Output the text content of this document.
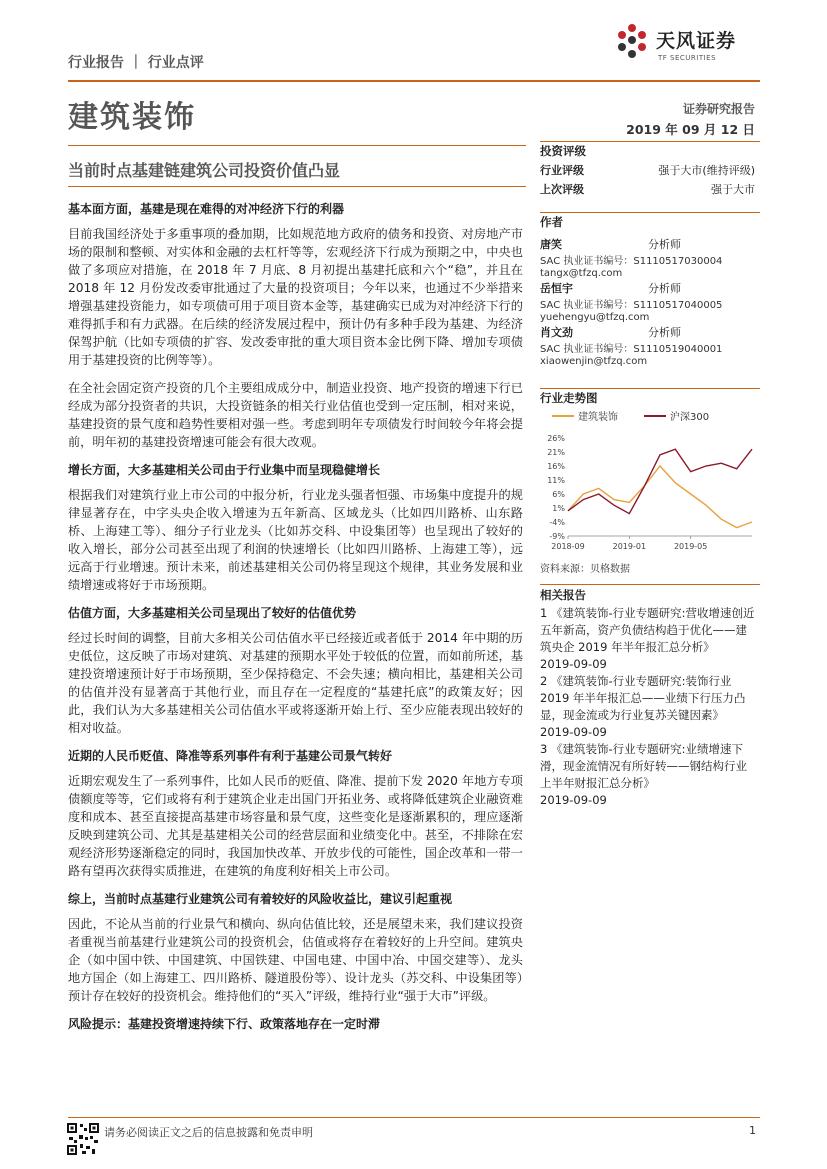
行业报告 ｜ 行业点评
天风证券
TF SECURITIES
建筑装饰	证券研究报告
2019 年 09 月 12 日
当前时点基建链建筑公司投资价值凸显
投资评级
行业评级	强于大市(维持评级)
上次评级	强于大市
作者
唐笑	分析师
SAC 执业证书编号：S1110517030004
tangx@tfzq.com
岳恒宇	分析师
SAC 执业证书编号：S1110517040005
yuehengyu@tfzq.com
肖文劲	分析师
SAC 执业证书编号：S1110519040001
xiaowenjin@tfzq.com
行业走势图
建筑装饰	沪深300
26%
21%
16%
11%
6%
1%
-4%
-9%
2018-09	2019-01	2019-05
资料来源：贝格数据
相关报告
1 《建筑装饰-行业专题研究:营收增速创近五年新高，资产负债结构趋于优化——建筑央企 2019 年半年报汇总分析》
2019-09-09
2 《建筑装饰-行业专题研究:装饰行业 2019 年半年报汇总——业绩下行压力凸显，现金流或为行业复苏关键因素》
2019-09-09
3 《建筑装饰-行业专题研究:业绩增速下滑，现金流情况有所好转——钢结构行业上半年财报汇总分析》
2019-09-09

基本面方面，基建是现在难得的对冲经济下行的利器

目前我国经济处于多重事项的叠加期，比如规范地方政府的债务和投资、对房地产市场的限制和整顿、对实体和金融的去杠杆等等，宏观经济下行成为预期之中，中央也做了多项应对措施，在 2018 年 7 月底、8 月初提出基建托底和六个“稳”，并且在 2018 年 12 月份发改委审批通过了大量的投资项目；今年以来，也通过不少举措来增强基建投资能力，如专项债可用于项目资本金等，基建确实已成为对冲经济下行的难得抓手和有力武器。在后续的经济发展过程中，预计仍有多种手段为基建、为经济保驾护航（比如专项债的扩容、发改委审批的重大项目资本金比例下降、增加专项债用于基建投资的比例等等）。

在全社会固定资产投资的几个主要组成成分中，制造业投资、地产投资的增速下行已经成为部分投资者的共识，大投资链条的相关行业估值也受到一定压制，相对来说，基建投资的景气度和趋势性要相对强一些。考虑到明年专项债发行时间较今年将会提前，明年初的基建投资增速可能会有很大改观。

增长方面，大多基建相关公司由于行业集中而呈现稳健增长

根据我们对建筑行业上市公司的中报分析，行业龙头强者恒强、市场集中度提升的规律显著存在，中字头央企收入增速为五年新高、区域龙头（比如四川路桥、山东路桥、上海建工等）、细分子行业龙头（比如苏交科、中设集团等）也呈现出了较好的收入增长，部分公司甚至出现了利润的快速增长（比如四川路桥、上海建工等），远远高于行业增速。预计未来，前述基建相关公司仍将呈现这个规律，其业务发展和业绩增速或将好于市场预期。

估值方面，大多基建相关公司呈现出了较好的估值优势

经过长时间的调整，目前大多相关公司估值水平已经接近或者低于 2014 年中期的历史低位，这反映了市场对建筑、对基建的预期水平处于较低的位置，而如前所述，基建投资增速预计好于市场预期，至少保持稳定、不会失速；横向相比，基建相关公司的估值并没有显著高于其他行业，而且存在一定程度的“基建托底”的政策友好；因此，我们认为大多基建相关公司估值水平或将逐渐开始上行、至少应能表现出较好的相对收益。

近期的人民币贬值、降准等系列事件有利于基建公司景气转好

近期宏观发生了一系列事件，比如人民币的贬值、降准、提前下发 2020 年地方专项债额度等等，它们或将有利于建筑企业走出国门开拓业务、或将降低建筑企业融资难度和成本、甚至直接提高基建市场容量和景气度，这些变化是逐渐累积的，理应逐渐反映到建筑公司、尤其是基建相关公司的经营层面和业绩变化中。甚至，不排除在宏观经济形势逐渐稳定的同时，我国加快改革、开放步伐的可能性，国企改革和一带一路有望再次获得实质推进，在建筑的角度利好相关上市公司。

综上，当前时点基建行业建筑公司有着较好的风险收益比，建议引起重视

因此，不论从当前的行业景气和横向、纵向估值比较，还是展望未来，我们建议投资者重视当前基建行业建筑公司的投资机会，估值或将存在着较好的上升空间。建筑央企（如中国中铁、中国建筑、中国铁建、中国电建、中国中冶、中国交建等）、龙头地方国企（如上海建工、四川路桥、隧道股份等）、设计龙头（苏交科、中设集团等）预计存在较好的投资机会。维持他们的“买入”评级，维持行业“强于大市”评级。

风险提示：基建投资增速持续下行、政策落地存在一定时滞

请务必阅读正文之后的信息披露和免责申明	1
